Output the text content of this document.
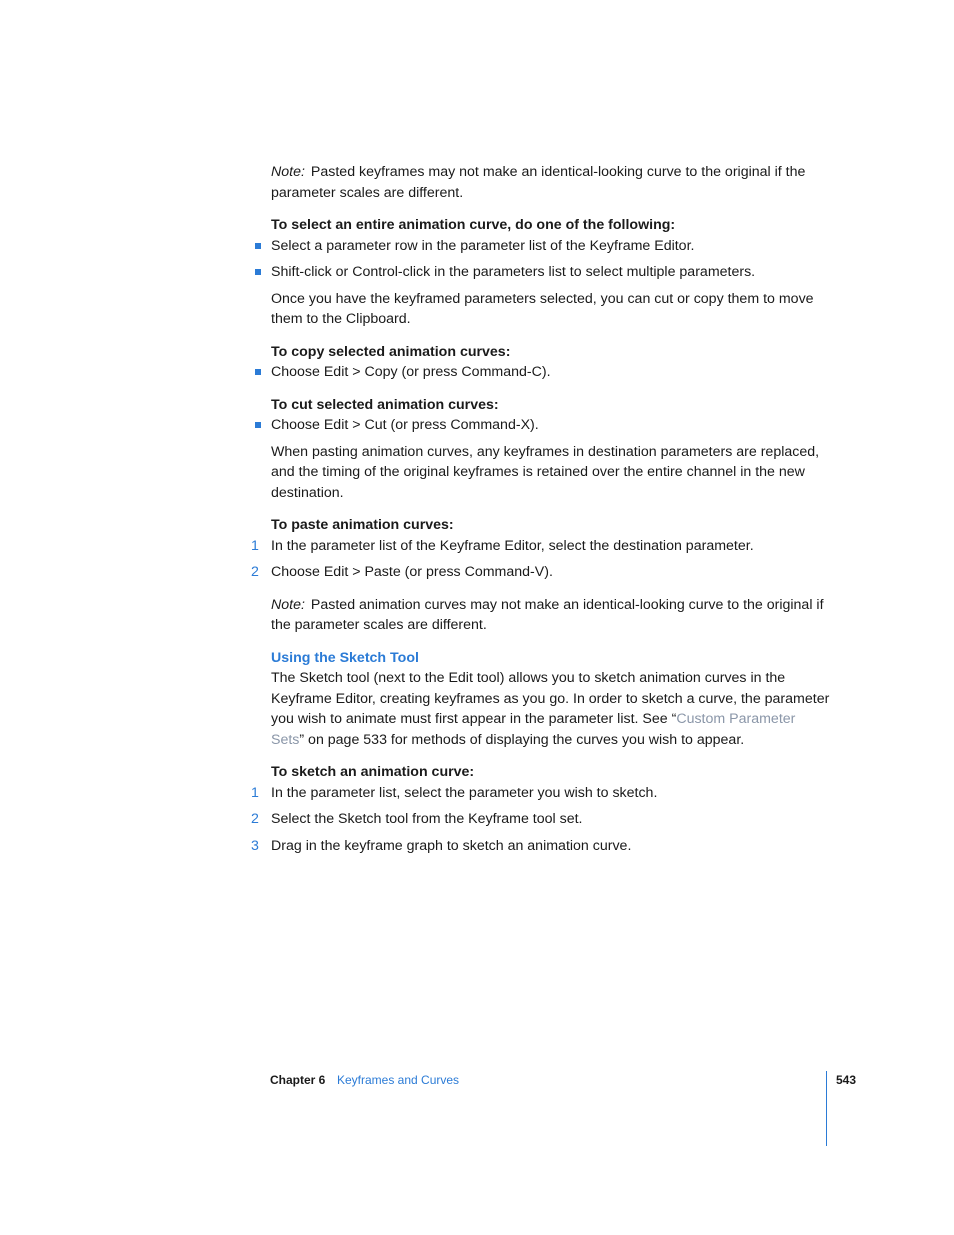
Note: Pasted keyframes may not make an identical-looking curve to the original if the parameter scales are different.

To select an entire animation curve, do one of the following:

Select a parameter row in the parameter list of the Keyframe Editor.
Shift-click or Control-click in the parameters list to select multiple parameters.

Once you have the keyframed parameters selected, you can cut or copy them to move them to the Clipboard.

To copy selected animation curves:

Choose Edit > Copy (or press Command-C).

To cut selected animation curves:

Choose Edit > Cut (or press Command-X).

When pasting animation curves, any keyframes in destination parameters are replaced, and the timing of the original keyframes is retained over the entire channel in the new destination.

To paste animation curves:

1 In the parameter list of the Keyframe Editor, select the destination parameter.
2 Choose Edit > Paste (or press Command-V).

Note: Pasted animation curves may not make an identical-looking curve to the original if the parameter scales are different.

Using the Sketch Tool

The Sketch tool (next to the Edit tool) allows you to sketch animation curves in the Keyframe Editor, creating keyframes as you go. In order to sketch a curve, the parameter you wish to animate must first appear in the parameter list. See “Custom Parameter Sets” on page 533 for methods of displaying the curves you wish to appear.

To sketch an animation curve:

1 In the parameter list, select the parameter you wish to sketch.
2 Select the Sketch tool from the Keyframe tool set.
3 Drag in the keyframe graph to sketch an animation curve.
Chapter 6 Keyframes and Curves	543
